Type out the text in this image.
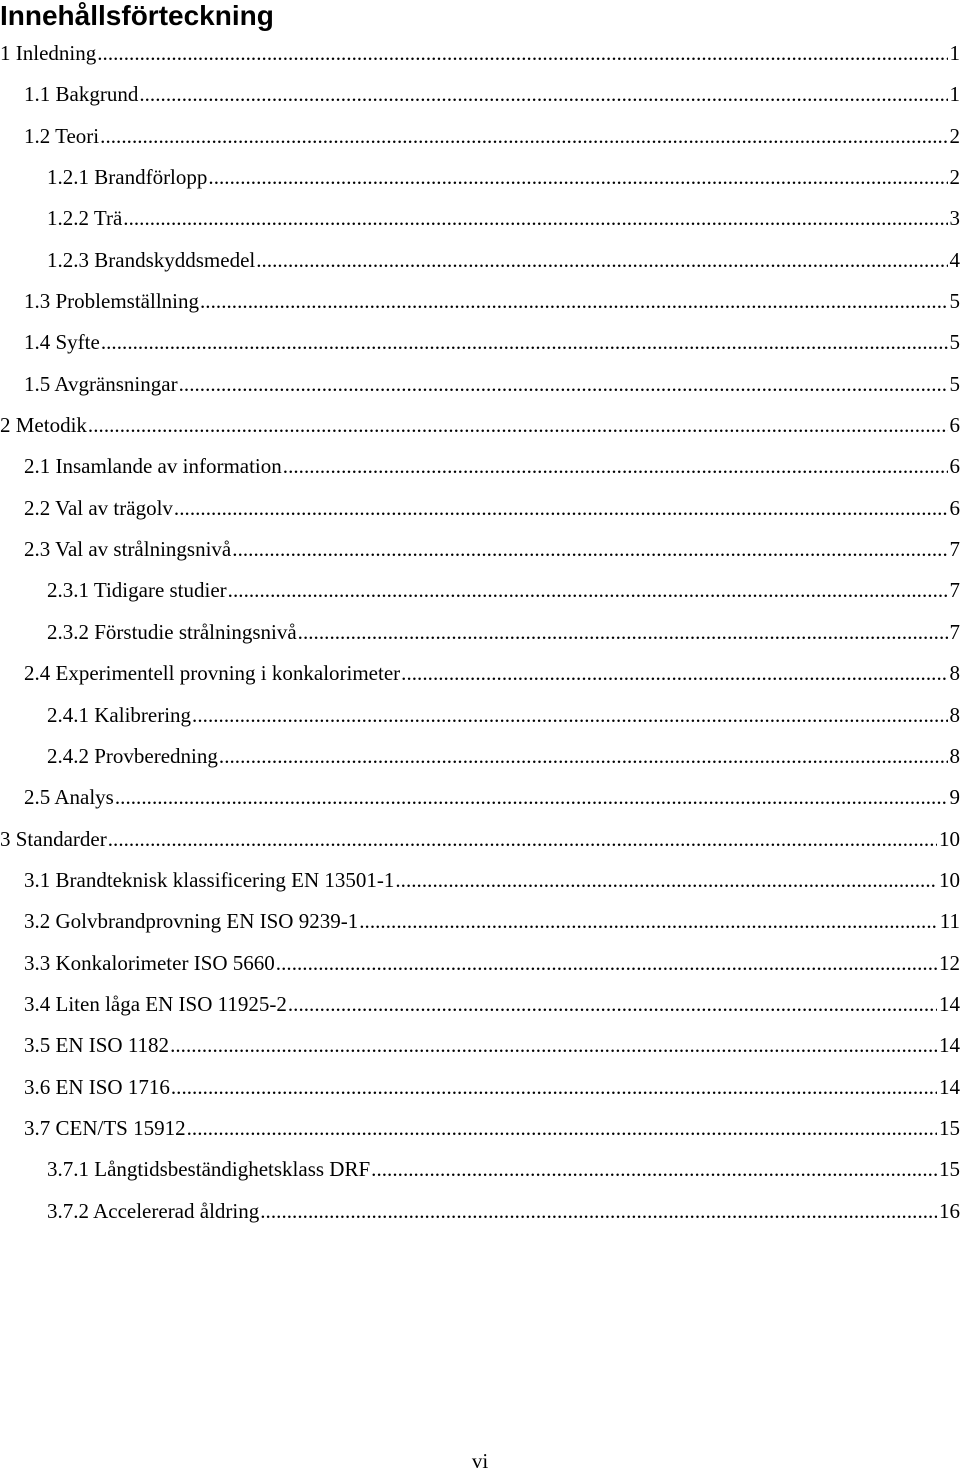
Innehållsförteckning
1 Inledning . . .	1
1.1 Bakgrund . . .	1
1.2 Teori . . .	2
1.2.1 Brandförlopp . . .	2
1.2.2 Trä . . .	3
1.2.3 Brandskyddsmedel . . .	4
1.3 Problemställning . . .	5
1.4 Syfte . . .	5
1.5 Avgränsningar . . .	5
2 Metodik . . .	6
2.1 Insamlande av information . . .	6
2.2 Val av trägolv . . .	6
2.3 Val av strålningsnivå . . .	7
2.3.1 Tidigare studier . . .	7
2.3.2 Förstudie strålningsnivå . . .	7
2.4 Experimentell provning i konkalorimeter . . .	8
2.4.1 Kalibrering . . .	8
2.4.2 Provberedning . . .	8
2.5 Analys . . .	9
3 Standarder . . .	10
3.1 Brandteknisk klassificering EN 13501-1 . . .	10
3.2 Golvbrandprovning EN ISO 9239-1 . . .	11
3.3 Konkalorimeter ISO 5660 . . .	12
3.4 Liten låga EN ISO 11925-2 . . .	14
3.5 EN ISO 1182 . . .	14
3.6 EN ISO 1716 . . .	14
3.7 CEN/TS 15912 . . .	15
3.7.1 Långtidsbeständighetsklass DRF . . .	15
3.7.2 Accelererad åldring . . .	16
vi
